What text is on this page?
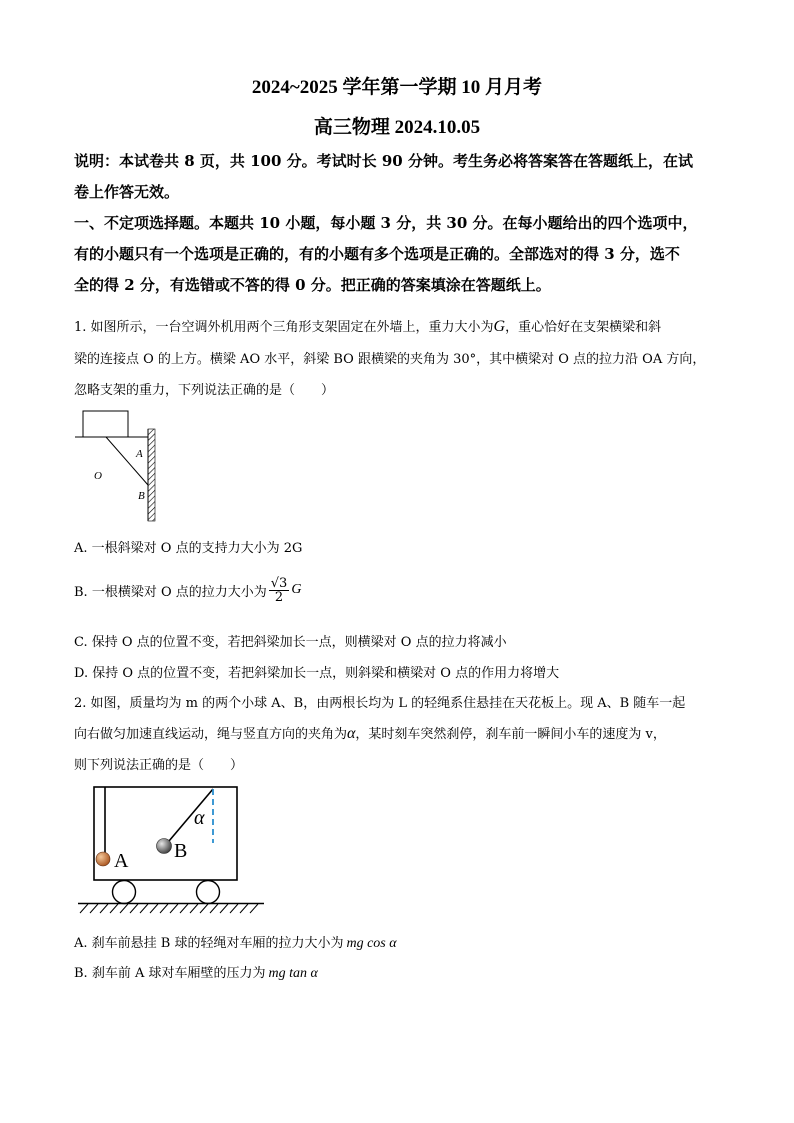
2024~2025 学年第一学期 10 月月考
高三物理 2024.10.05
说明：本试卷共 8 页，共 100 分。考试时长 90 分钟。考生务必将答案答在答题纸上，在试
卷上作答无效。
一、不定项选择题。本题共 10 小题，每小题 3 分，共 30 分。在每小题给出的四个选项中，
有的小题只有一个选项是正确的，有的小题有多个选项是正确的。全部选对的得 3 分，选不
全的得 2 分，有选错或不答的得 0 分。把正确的答案填涂在答题纸上。
1. 如图所示，一台空调外机用两个三角形支架固定在外墙上，重力大小为G，重心恰好在支架横梁和斜
梁的连接点 O 的上方。横梁 AO 水平，斜梁 BO 跟横梁的夹角为 30°，其中横梁对 O 点的拉力沿 OA 方向，
忽略支架的重力，下列说法正确的是（　　）
A
O
B
A. 一根斜梁对 O 点的支持力大小为 2G
B. 一根横梁对 O 点的拉力大小为 $\frac{√3}{2}$ G
C. 保持 O 点的位置不变，若把斜梁加长一点，则横梁对 O 点的拉力将减小
D. 保持 O 点的位置不变，若把斜梁加长一点，则斜梁和横梁对 O 点的作用力将增大
2. 如图，质量均为 m 的两个小球 A、B，由两根长均为 L 的轻绳系住悬挂在天花板上。现 A、B 随车一起
向右做匀加速直线运动，绳与竖直方向的夹角为α，某时刻车突然刹停，刹车前一瞬间小车的速度为 v，
则下列说法正确的是（　　）
A B
α
A. 刹车前悬挂 B 球的轻绳对车厢的拉力大小为 mg cos α
B. 刹车前 A 球对车厢壁的压力为 mg tan α
